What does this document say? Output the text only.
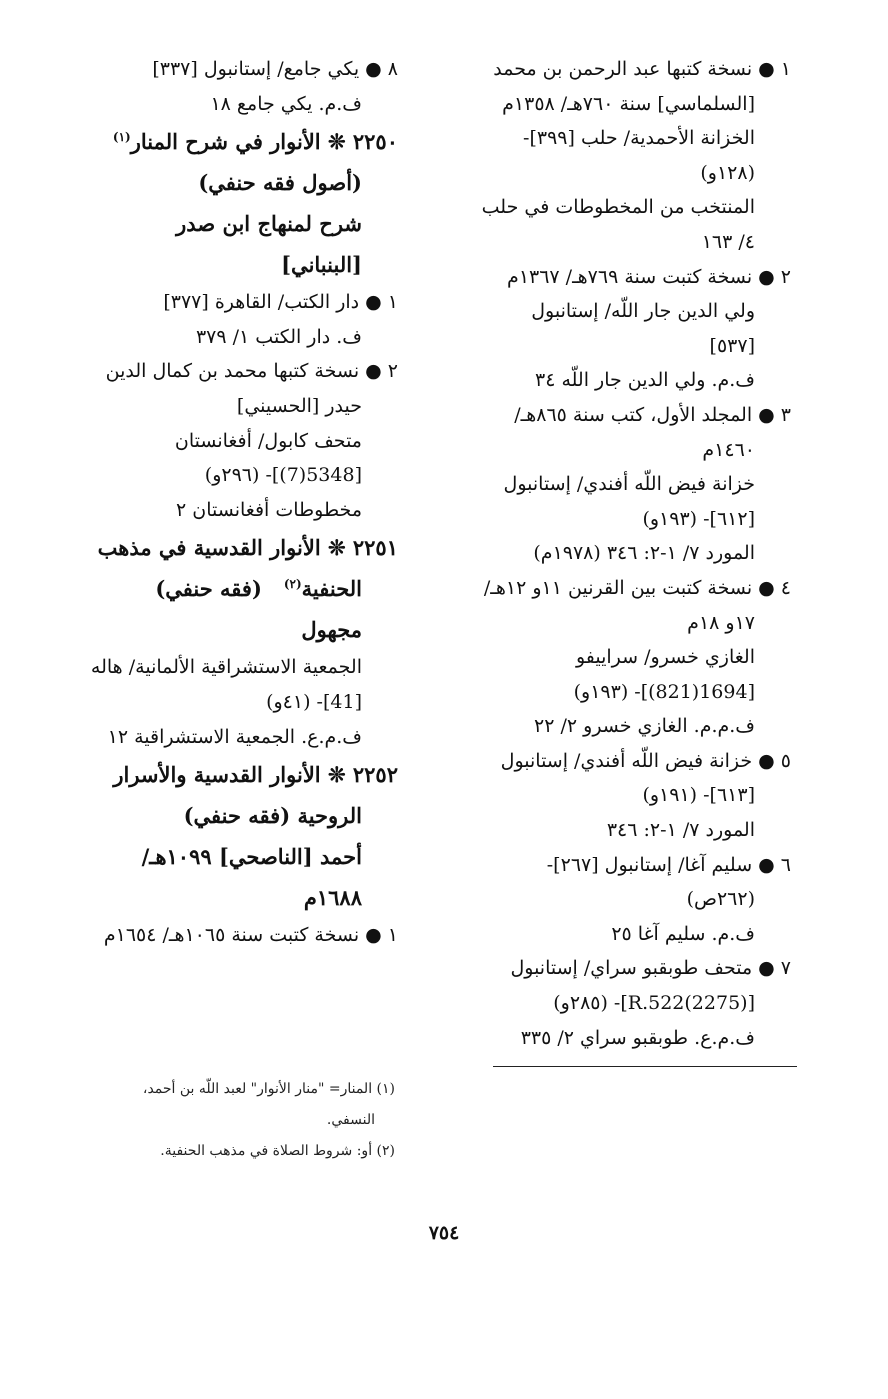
١ ● نسخة كتبها عبد الرحمن بن محمد
[السلماسي] سنة ٧٦٠هـ/ ١٣٥٨م
الخزانة الأحمدية/ حلب [٣٩٩]-
(١٢٨و)
المنتخب من المخطوطات في حلب
٤/ ١٦٣
٢ ● نسخة كتبت سنة ٧٦٩هـ/ ١٣٦٧م
ولي الدين جار اللّه/ إستانبول
[٥٣٧]
ف.م. ولي الدين جار اللّه ٣٤
٣ ● المجلد الأول، كتب سنة ٨٦٥هـ/
١٤٦٠م
خزانة فيض اللّه أفندي/ إستانبول
[٦١٢]- (١٩٣و)
المورد ٧/ ١-٢: ٣٤٦ (١٩٧٨م)
٤ ● نسخة كتبت بين القرنين ١١و ١٢هـ/
١٧و ١٨م
الغازي خسرو/ سراييفو
[1694(821)]- (١٩٣و)
ف.م.م. الغازي خسرو ٢/ ٢٢
٥ ● خزانة فيض اللّه أفندي/ إستانبول
[٦١٣]- (١٩١و)
المورد ٧/ ١-٢: ٣٤٦
٦ ● سليم آغا/ إستانبول [٢٦٧]-
(٢٦٢ص)
ف.م. سليم آغا ٢٥
٧ ● متحف طوبقبو سراي/ إستانبول
[R.522(2275)]- (٢٨٥و)
ف.م.ع. طوبقبو سراي ٢/ ٣٣٥
٨ ● يكي جامع/ إستانبول [٣٣٧]
ف.م. يكي جامع ١٨
٢٢٥٠ ❊ الأنوار في شرح المنار$^{(١)}$
(أصول فقه حنفي)
شرح لمنهاج ابن صدر
[البنباني]
١ ● دار الكتب/ القاهرة [٣٧٧]
ف. دار الكتب ١/ ٣٧٩
٢ ● نسخة كتبها محمد بن كمال الدين
حيدر [الحسيني]
متحف كابول/ أفغانستان
[5348(7)]- (٢٩٦و)
مخطوطات أفغانستان ٢
٢٢٥١ ❊ الأنوار القدسية في مذهب
الحنفية$^{(٢)}$   (فقه حنفي)
مجهول
الجمعية الاستشراقية الألمانية/ هاله
[41]- (٤١و)
ف.م.ع. الجمعية الاستشراقية ١٢
٢٢٥٢ ❊ الأنوار القدسية والأسرار
الروحية (فقه حنفي)
أحمد [الناصحي] ١٠٩٩هـ/
١٦٨٨م
١ ● نسخة كتبت سنة ١٠٦٥هـ/ ١٦٥٤م
(١) المنار= "منار الأنوار" لعبد اللّه بن أحمد،
النسفي.
(٢) أو: شروط الصلاة في مذهب الحنفية.
٧٥٤
